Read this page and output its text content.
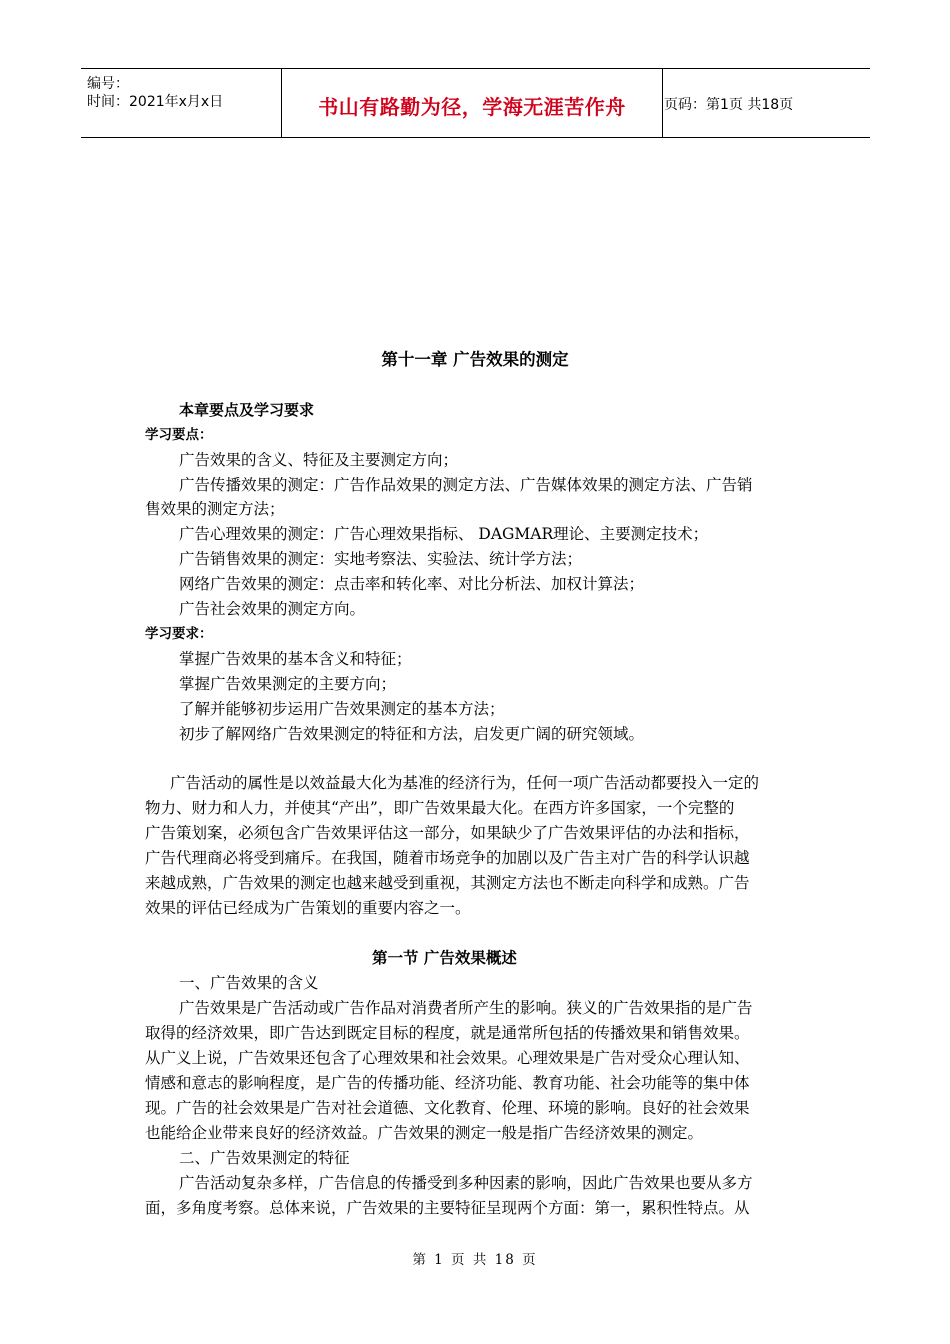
编号：
时间：2021年x月x日	书山有路勤为径，学海无涯苦作舟	页码：第1页 共18页
第十一章 广告效果的测定
本章要点及学习要求
学习要点：
广告效果的含义、特征及主要测定方向；
广告传播效果的测定：广告作品效果的测定方法、广告媒体效果的测定方法、广告销
售效果的测定方法；
广告心理效果的测定：广告心理效果指标、 DAGMAR理论、主要测定技术；
广告销售效果的测定：实地考察法、实验法、统计学方法；
网络广告效果的测定：点击率和转化率、对比分析法、加权计算法；
广告社会效果的测定方向。
学习要求：
掌握广告效果的基本含义和特征；
掌握广告效果测定的主要方向；
了解并能够初步运用广告效果测定的基本方法；
初步了解网络广告效果测定的特征和方法，启发更广阔的研究领域。
广告活动的属性是以效益最大化为基准的经济行为，任何一项广告活动都要投入一定的
物力、财力和人力，并使其“产出”，即广告效果最大化。在西方许多国家，一个完整的
广告策划案，必须包含广告效果评估这一部分，如果缺少了广告效果评估的办法和指标，
广告代理商必将受到痛斥。在我国，随着市场竞争的加剧以及广告主对广告的科学认识越
来越成熟，广告效果的测定也越来越受到重视，其测定方法也不断走向科学和成熟。广告
效果的评估已经成为广告策划的重要内容之一。
第一节 广告效果概述
一、广告效果的含义
广告效果是广告活动或广告作品对消费者所产生的影响。狭义的广告效果指的是广告
取得的经济效果，即广告达到既定目标的程度，就是通常所包括的传播效果和销售效果。
从广义上说，广告效果还包含了心理效果和社会效果。心理效果是广告对受众心理认知、
情感和意志的影响程度，是广告的传播功能、经济功能、教育功能、社会功能等的集中体
现。广告的社会效果是广告对社会道德、文化教育、伦理、环境的影响。良好的社会效果
也能给企业带来良好的经济效益。广告效果的测定一般是指广告经济效果的测定。
二、广告效果测定的特征
广告活动复杂多样，广告信息的传播受到多种因素的影响，因此广告效果也要从多方
面，多角度考察。总体来说，广告效果的主要特征呈现两个方面：第一，累积性特点。从
第 1 页 共 18 页
